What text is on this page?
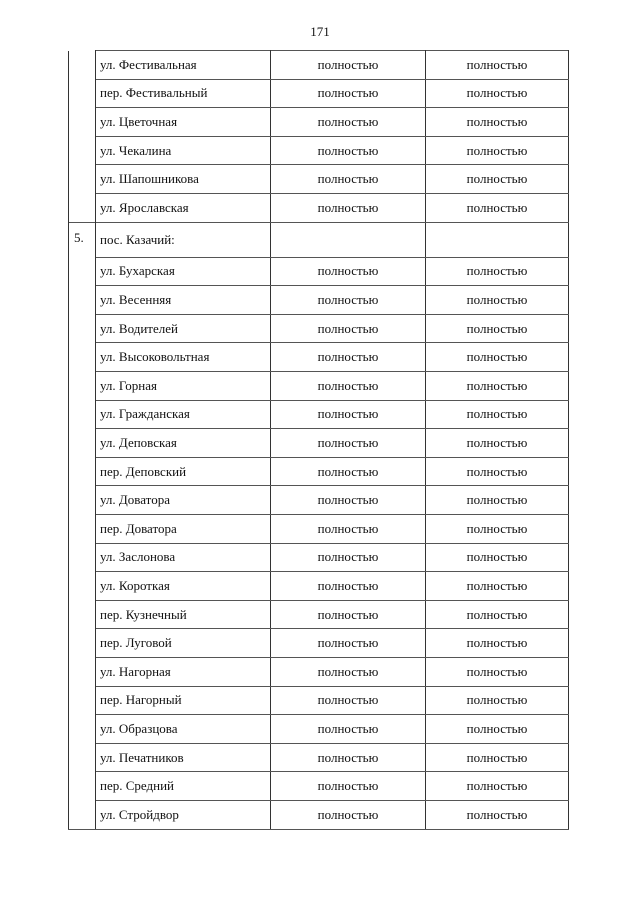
171
	ул. Фестивальная	полностью	полностью
	пер. Фестивальный	полностью	полностью
	ул. Цветочная	полностью	полностью
	ул. Чекалина	полностью	полностью
	ул. Шапошникова	полностью	полностью
	ул. Ярославская	полностью	полностью
5.	пос. Казачий:		
	ул. Бухарская	полностью	полностью
	ул. Весенняя	полностью	полностью
	ул. Водителей	полностью	полностью
	ул. Высоковольтная	полностью	полностью
	ул. Горная	полностью	полностью
	ул. Гражданская	полностью	полностью
	ул. Деповская	полностью	полностью
	пер. Деповский	полностью	полностью
	ул. Доватора	полностью	полностью
	пер. Доватора	полностью	полностью
	ул. Заслонова	полностью	полностью
	ул. Короткая	полностью	полностью
	пер. Кузнечный	полностью	полностью
	пер. Луговой	полностью	полностью
	ул. Нагорная	полностью	полностью
	пер. Нагорный	полностью	полностью
	ул. Образцова	полностью	полностью
	ул. Печатников	полностью	полностью
	пер. Средний	полностью	полностью
	ул. Стройдвор	полностью	полностью
